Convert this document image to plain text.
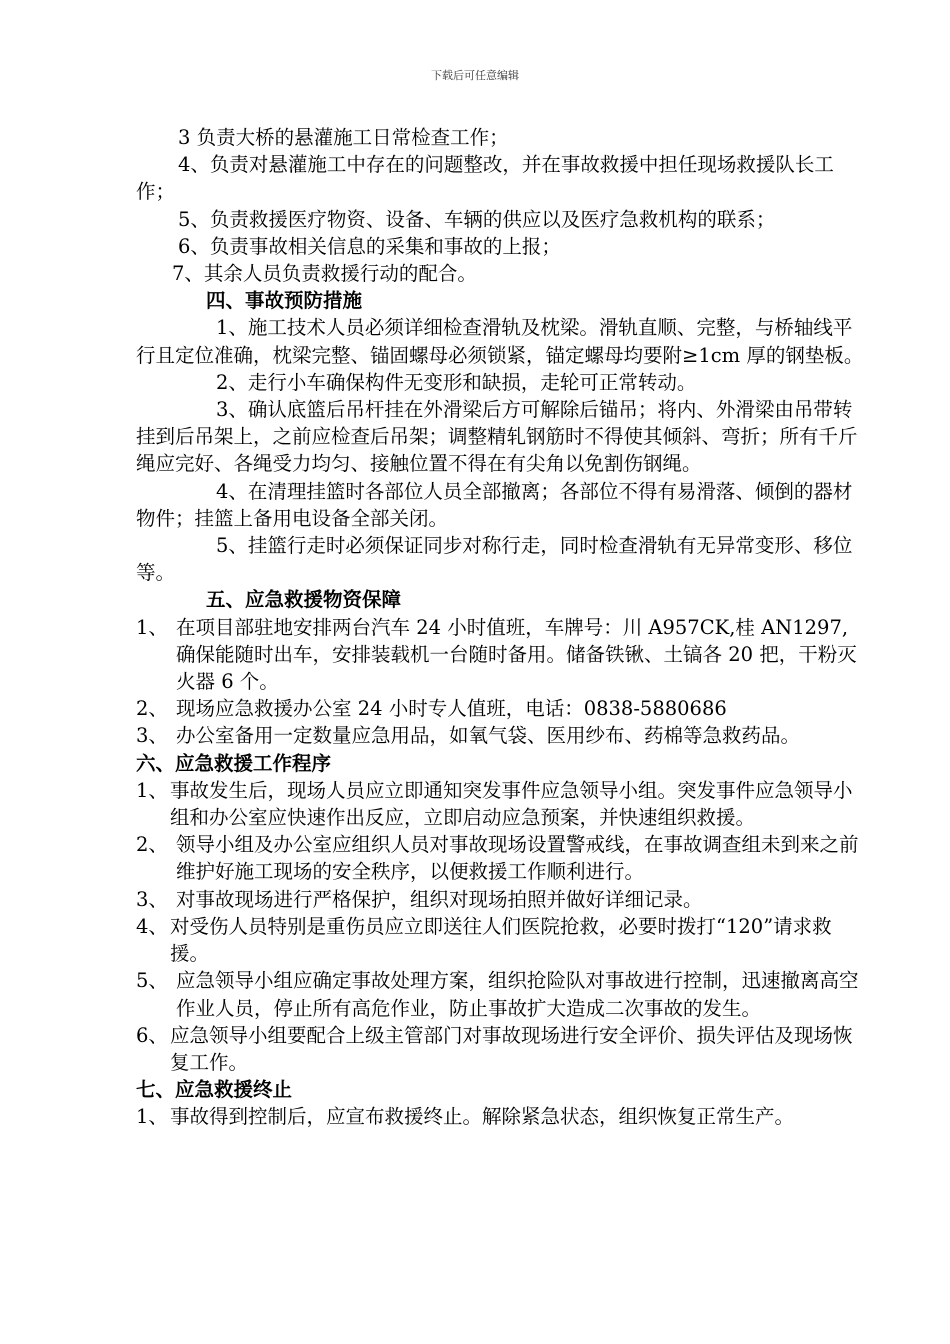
下载后可任意编辑

3 负责大桥的悬灌施工日常检查工作；

4、负责对悬灌施工中存在的问题整改，并在事故救援中担任现场救援队长工作；

5、负责救援医疗物资、设备、车辆的供应以及医疗急救机构的联系；

6、负责事故相关信息的采集和事故的上报；

7、其余人员负责救援行动的配合。

四、事故预防措施

1、施工技术人员必须详细检查滑轨及枕梁。滑轨直顺、完整，与桥轴线平行且定位准确，枕梁完整、锚固螺母必须锁紧，锚定螺母均要附≥1cm 厚的钢垫板。

2、走行小车确保构件无变形和缺损，走轮可正常转动。

3、确认底篮后吊杆挂在外滑梁后方可解除后锚吊；将内、外滑梁由吊带转挂到后吊架上，之前应检查后吊架；调整精轧钢筋时不得使其倾斜、弯折；所有千斤绳应完好、各绳受力均匀、接触位置不得在有尖角以免割伤钢绳。

4、在清理挂篮时各部位人员全部撤离；各部位不得有易滑落、倾倒的器材物件；挂篮上备用电设备全部关闭。

5、挂篮行走时必须保证同步对称行走，同时检查滑轨有无异常变形、移位等。

五、应急救援物资保障

1、 在项目部驻地安排两台汽车 24 小时值班，车牌号：川 A957CK,桂 AN1297, 确保能随时出车，安排装载机一台随时备用。储备铁锹、土镐各 20 把，干粉灭火器 6 个。
2、 现场应急救援办公室 24 小时专人值班，电话：0838-5880686
3、 办公室备用一定数量应急用品，如氧气袋、医用纱布、药棉等急救药品。

六、应急救援工作程序

1、 事故发生后，现场人员应立即通知突发事件应急领导小组。突发事件应急领导小组和办公室应快速作出反应，立即启动应急预案，并快速组织救援。
2、 领导小组及办公室应组织人员对事故现场设置警戒线，在事故调查组未到来之前维护好施工现场的安全秩序，以便救援工作顺利进行。
3、 对事故现场进行严格保护，组织对现场拍照并做好详细记录。
4、 对受伤人员特别是重伤员应立即送往人们医院抢救，必要时拨打“120”请求救援。
5、 应急领导小组应确定事故处理方案，组织抢险队对事故进行控制，迅速撤离高空作业人员，停止所有高危作业，防止事故扩大造成二次事故的发生。
6、 应急领导小组要配合上级主管部门对事故现场进行安全评价、损失评估及现场恢复工作。

七、应急救援终止

1、 事故得到控制后，应宣布救援终止。解除紧急状态，组织恢复正常生产。
